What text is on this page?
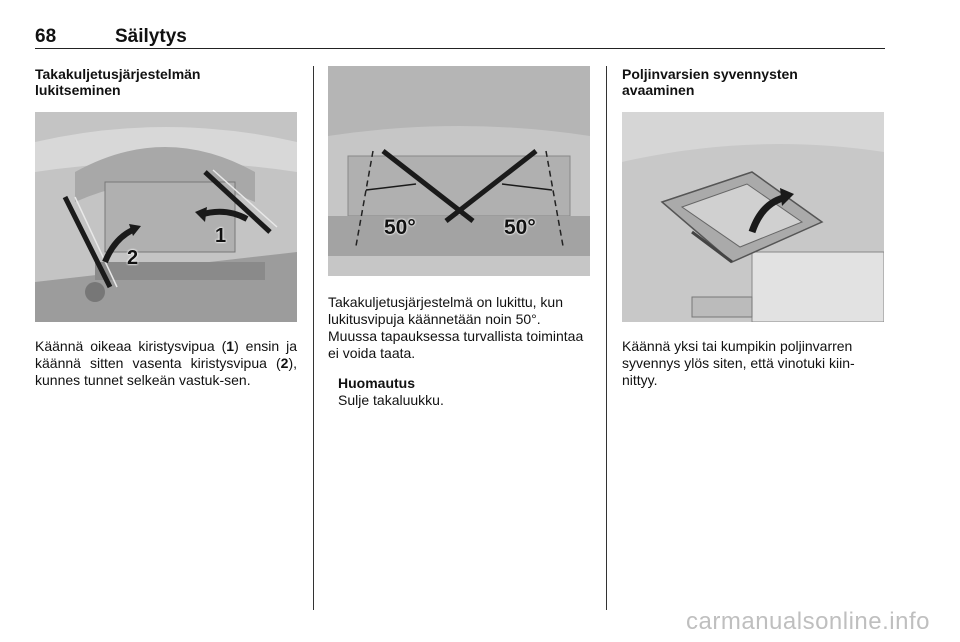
68	Säilytys
Takakuljetusjärjestelmän
lukitseminen
1
2
Käännä oikeaa kiristysvipua (1) ensin ja käännä sitten vasenta kiristysvipua (2), kunnes tunnet selkeän vastuk-sen.
50°	50°
Takakuljetusjärjestelmä on lukittu, kun lukitusvipuja käännetään noin 50°. Muussa tapauksessa turvallista toimintaa ei voida taata.
Huomautus
Sulje takaluukku.
Poljinvarsien syvennysten
avaaminen
Käännä yksi tai kumpikin poljinvarren syvennys ylös siten, että vinotuki kiin-nittyy.
carmanualsonline.info
